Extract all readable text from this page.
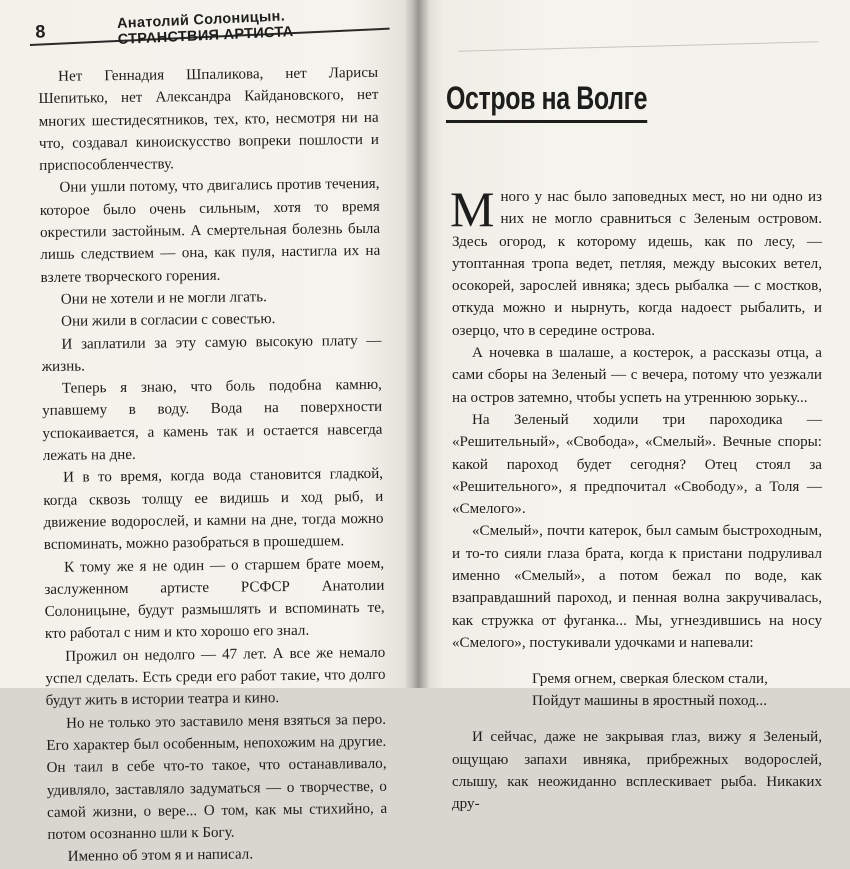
8	Анатолий Солоницын. СТРАНСТВИЯ АРТИСТА

Нет Геннадия Шпаликова, нет Ларисы Шепитько, нет Александра Кайдановского, нет многих шестидесятников, тех, кто, несмотря ни на что, создавал киноискусство вопреки пошлости и приспособленчеству.

Они ушли потому, что двигались против течения, которое было очень сильным, хотя то время окрестили застойным. А смертельная болезнь была лишь следствием — она, как пуля, настигла их на взлете творческого горения.

Они не хотели и не могли лгать.

Они жили в согласии с совестью.

И заплатили за эту самую высокую плату — жизнь.

Теперь я знаю, что боль подобна камню, упавшему в воду. Вода на поверхности успокаивается, а камень так и остается навсегда лежать на дне.

И в то время, когда вода становится гладкой, когда сквозь толщу ее видишь и ход рыб, и движение водорослей, и камни на дне, тогда можно вспоминать, можно разобраться в прошедшем.

К тому же я не один — о старшем брате моем, заслуженном артисте РСФСР Анатолии Солоницыне, будут размышлять и вспоминать те, кто работал с ним и кто хорошо его знал.

Прожил он недолго — 47 лет. А все же немало успел сделать. Есть среди его работ такие, что долго будут жить в истории театра и кино.

Но не только это заставило меня взяться за перо. Его характер был особенным, непохожим на другие. Он таил в себе что-то такое, что останавливало, удивляло, заставляло задуматься — о творчестве, о самой жизни, о вере... О том, как мы стихийно, а потом осознанно шли к Богу.

Именно об этом я и написал.

Остров на Волге

Много у нас было заповедных мест, но ни одно из них не могло сравниться с Зеленым островом. Здесь огород, к которому идешь, как по лесу, — утоптанная тропа ведет, петляя, между высоких ветел, осокорей, зарослей ивняка; здесь рыбалка — с мостков, откуда можно и нырнуть, когда надоест рыбалить, и озерцо, что в середине острова.

А ночевка в шалаше, а костерок, а рассказы отца, а сами сборы на Зеленый — с вечера, потому что уезжали на остров затемно, чтобы успеть на утреннюю зорьку...

На Зеленый ходили три пароходика — «Решительный», «Свобода», «Смелый». Вечные споры: какой пароход будет сегодня? Отец стоял за «Решительного», я предпочитал «Свободу», а Толя — «Смелого».

«Смелый», почти катерок, был самым быстроходным, и то-то сияли глаза брата, когда к пристани подруливал именно «Смелый», а потом бежал по воде, как взаправдашний пароход, и пенная волна закручивалась, как стружка от фуганка... Мы, угнездившись на носу «Смелого», постукивали удочками и напевали:

Гремя огнем, сверкая блеском стали,
Пойдут машины в яростный поход...

И сейчас, даже не закрывая глаз, вижу я Зеленый, ощущаю запахи ивняка, прибрежных водорослей, слышу, как неожиданно всплескивает рыба. Никаких дру-
